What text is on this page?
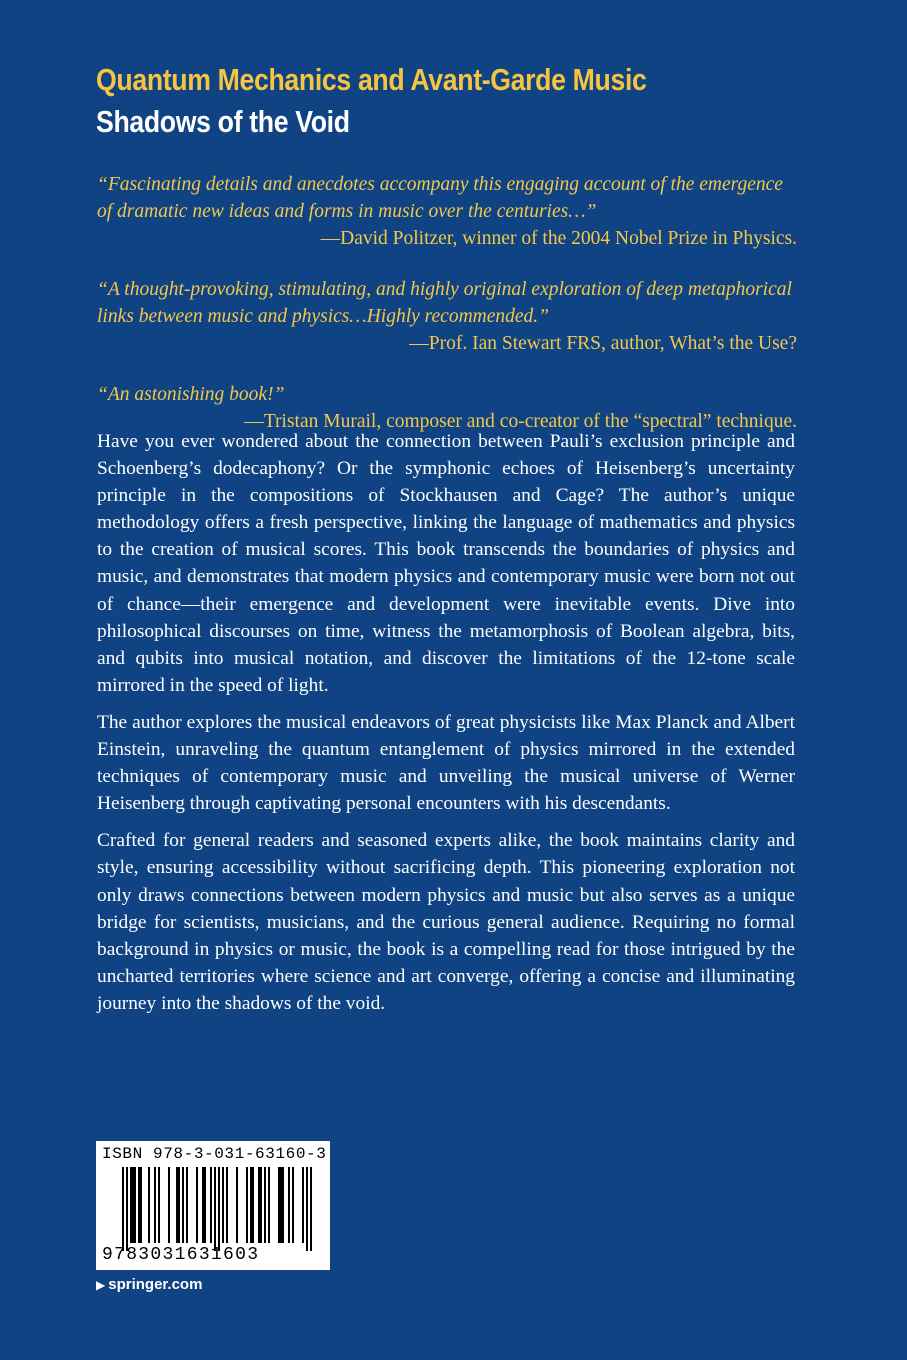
Quantum Mechanics and Avant-Garde Music
Shadows of the Void

“Fascinating details and anecdotes accompany this engaging account of the emergence of dramatic new ideas and forms in music over the centuries…”

—David Politzer, winner of the 2004 Nobel Prize in Physics.

“A thought-provoking, stimulating, and highly original exploration of deep metaphorical links between music and physics…Highly recommended.”

—Prof. Ian Stewart FRS, author, What’s the Use?

“An astonishing book!”

—Tristan Murail, composer and co-creator of the “spectral” technique.

Have you ever wondered about the connection between Pauli’s exclusion principle and Schoenberg’s dodecaphony? Or the symphonic echoes of Heisenberg’s uncertainty principle in the compositions of Stockhausen and Cage? The author’s unique methodology offers a fresh perspective, linking the language of mathematics and physics to the creation of musical scores. This book transcends the boundaries of physics and music, and demonstrates that modern physics and contemporary music were born not out of chance—their emergence and development were inevitable events. Dive into philosophical discourses on time, witness the metamorphosis of Boolean algebra, bits, and qubits into musical notation, and discover the limitations of the 12-tone scale mirrored in the speed of light.

The author explores the musical endeavors of great physicists like Max Planck and Albert Einstein, unraveling the quantum entanglement of physics mirrored in the extended techniques of contemporary music and unveiling the musical universe of Werner Heisenberg through captivating personal encounters with his descendants.

Crafted for general readers and seasoned experts alike, the book maintains clarity and style, ensuring accessibility without sacrificing depth. This pioneering exploration not only draws connections between modern physics and music but also serves as a unique bridge for scientists, musicians, and the curious general audience. Requiring no formal background in physics or music, the book is a compelling read for those intrigued by the uncharted territories where science and art converge, offering a concise and illuminating journey into the shadows of the void.

ISBN 978-3-031-63160-3
9783031631603
▶ springer.com
